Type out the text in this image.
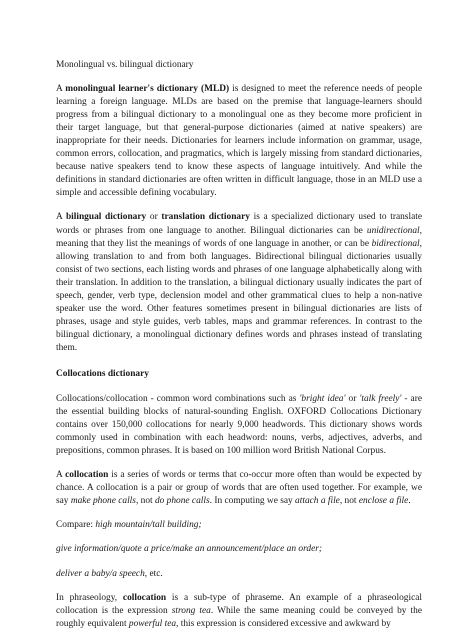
Monolingual vs. bilingual dictionary

A monolingual learner's dictionary (MLD) is designed to meet the reference needs of people learning a foreign language. MLDs are based on the premise that language-learners should progress from a bilingual dictionary to a monolingual one as they become more proficient in their target language, but that general-purpose dictionaries (aimed at native speakers) are inappropriate for their needs. Dictionaries for learners include information on grammar, usage, common errors, collocation, and pragmatics, which is largely missing from standard dictionaries, because native speakers tend to know these aspects of language intuitively. And while the definitions in standard dictionaries are often written in difficult language, those in an MLD use a simple and accessible defining vocabulary.

A bilingual dictionary or translation dictionary is a specialized dictionary used to translate words or phrases from one language to another. Bilingual dictionaries can be unidirectional, meaning that they list the meanings of words of one language in another, or can be bidirectional, allowing translation to and from both languages. Bidirectional bilingual dictionaries usually consist of two sections, each listing words and phrases of one language alphabetically along with their translation. In addition to the translation, a bilingual dictionary usually indicates the part of speech, gender, verb type, declension model and other grammatical clues to help a non-native speaker use the word. Other features sometimes present in bilingual dictionaries are lists of phrases, usage and style guides, verb tables, maps and grammar references. In contrast to the bilingual dictionary, a monolingual dictionary defines words and phrases instead of translating them.

Collocations dictionary

Collocations/collocation - common word combinations such as 'bright idea' or 'talk freely' - are the essential building blocks of natural-sounding English. OXFORD Collocations Dictionary contains over 150,000 collocations for nearly 9,000 headwords. This dictionary shows words commonly used in combination with each headword: nouns, verbs, adjectives, adverbs, and prepositions, common phrases. It is based on 100 million word British National Corpus.

A collocation is a series of words or terms that co-occur more often than would be expected by chance. A collocation is a pair or group of words that are often used together. For example, we say make phone calls, not do phone calls. In computing we say attach a file, not enclose a file.

Compare: high mountain/tall building;

give information/quote a price/make an announcement/place an order;

deliver a baby/a speech, etc.

In phraseology, collocation is a sub-type of phraseme. An example of a phraseological collocation is the expression strong tea. While the same meaning could be conveyed by the roughly equivalent powerful tea, this expression is considered excessive and awkward by
